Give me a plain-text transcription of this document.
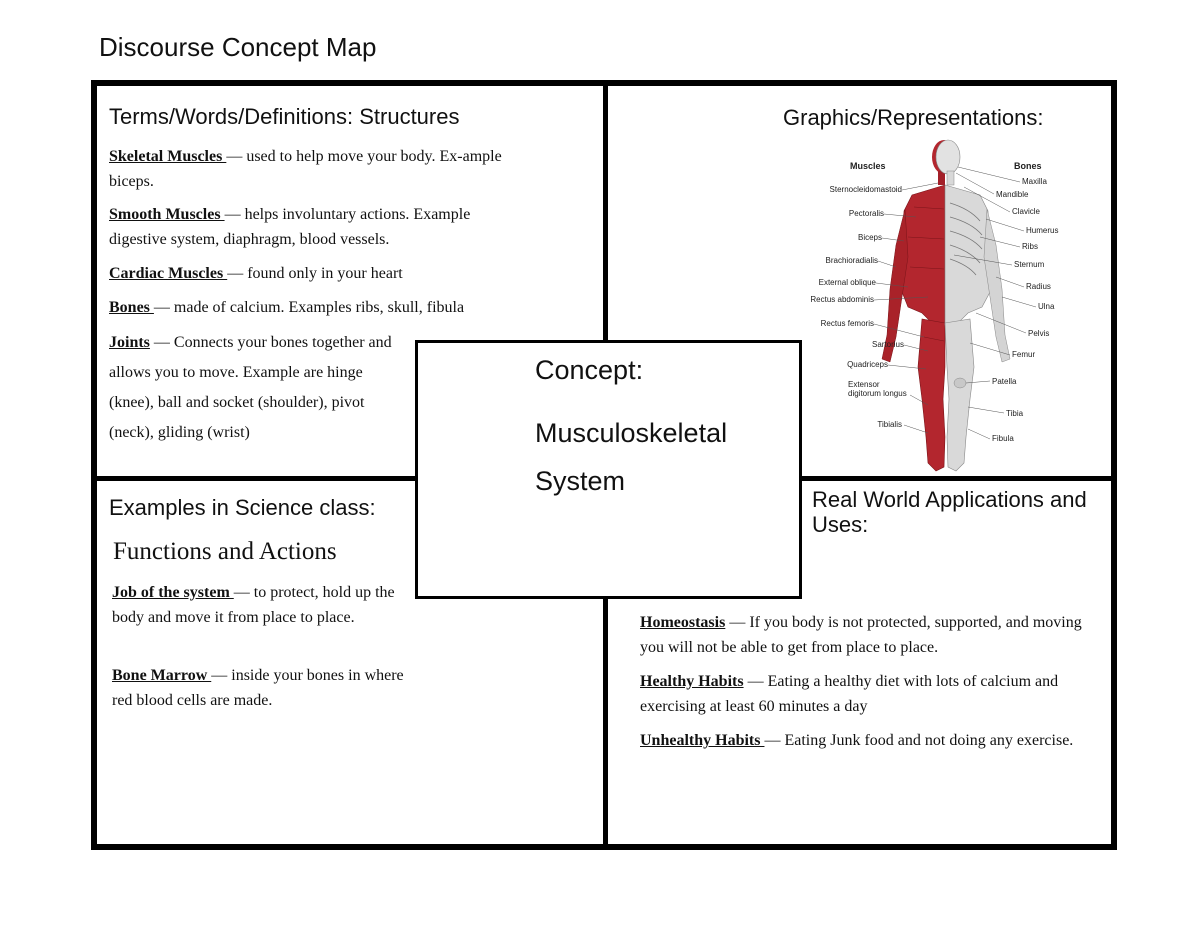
Discourse Concept Map
Terms/Words/Definitions: Structures
Skeletal Muscles — used to help move your body. Ex-ample biceps.
Smooth Muscles — helps involuntary actions. Example digestive system, diaphragm, blood vessels.
Cardiac Muscles — found only in your heart
Bones — made of calcium. Examples ribs, skull, fibula
Joints — Connects your bones together and allows you to move. Example are hinge (knee), ball and socket (shoulder), pivot (neck), gliding (wrist)
Graphics/Representations:
Muscles	Bones
Sternocleidomastoid
Pectoralis
Biceps
Brachioradialis
External oblique
Rectus abdominis
Rectus femoris
Sartorius
Quadriceps
Extensor digitorum longus
Tibialis
Maxilla
Mandible
Clavicle
Humerus
Ribs
Sternum
Radius
Ulna
Pelvis
Femur
Patella
Tibia
Fibula
Examples in Science class:
Functions and Actions
Job of the system — to protect, hold up the body and move it from place to place.
Bone Marrow — inside your bones in where red blood cells are made.
Real World Applications and Uses:
Homeostasis — If you body is not protected, supported, and moving you will not be able to get from place to place.
Healthy Habits — Eating a healthy diet with lots of calcium and exercising at least 60 minutes a day
Unhealthy Habits — Eating Junk food and not doing any exercise.
Concept:
Musculoskeletal System
